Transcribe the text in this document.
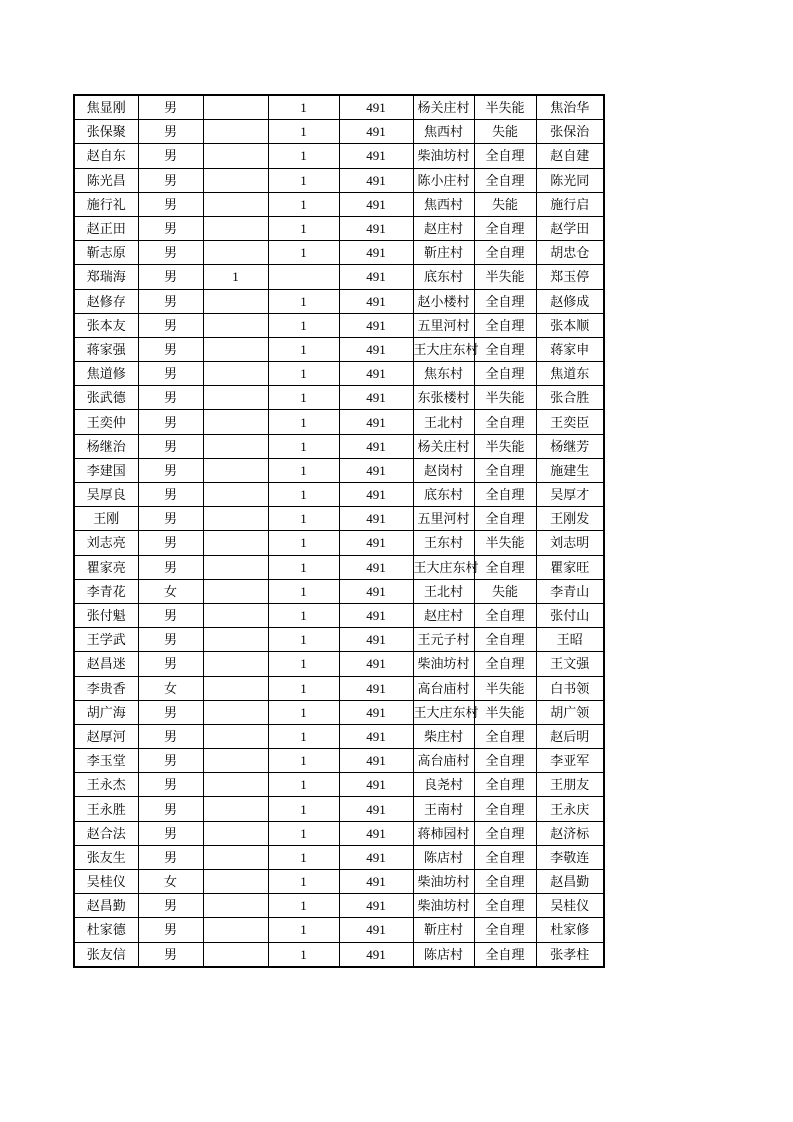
焦显刚	男		1	491	杨关庄村	半失能	焦治华
张保聚	男		1	491	焦西村	失能	张保治
赵自东	男		1	491	柴油坊村	全自理	赵自建
陈光昌	男		1	491	陈小庄村	全自理	陈光同
施行礼	男		1	491	焦西村	失能	施行启
赵正田	男		1	491	赵庄村	全自理	赵学田
靳志原	男		1	491	靳庄村	全自理	胡忠仓
郑瑞海	男	1		491	底东村	半失能	郑玉停
赵修存	男		1	491	赵小楼村	全自理	赵修成
张本友	男		1	491	五里河村	全自理	张本顺
蒋家强	男		1	491	王大庄东村	全自理	蒋家申
焦道修	男		1	491	焦东村	全自理	焦道东
张武德	男		1	491	东张楼村	半失能	张合胜
王奕仲	男		1	491	王北村	全自理	王奕臣
杨继治	男		1	491	杨关庄村	半失能	杨继芳
李建国	男		1	491	赵岗村	全自理	施建生
吴厚良	男		1	491	底东村	全自理	吴厚才
王刚	男		1	491	五里河村	全自理	王刚发
刘志亮	男		1	491	王东村	半失能	刘志明
瞿家亮	男		1	491	王大庄东村	全自理	瞿家旺
李青花	女		1	491	王北村	失能	李青山
张付魁	男		1	491	赵庄村	全自理	张付山
王学武	男		1	491	王元子村	全自理	王昭
赵昌迷	男		1	491	柴油坊村	全自理	王文强
李贵香	女		1	491	高台庙村	半失能	白书领
胡广海	男		1	491	王大庄东村	半失能	胡广领
赵厚河	男		1	491	柴庄村	全自理	赵后明
李玉堂	男		1	491	高台庙村	全自理	李亚军
王永杰	男		1	491	良尧村	全自理	王朋友
王永胜	男		1	491	王南村	全自理	王永庆
赵合法	男		1	491	蒋柿园村	全自理	赵济标
张友生	男		1	491	陈店村	全自理	李敬连
吴桂仪	女		1	491	柴油坊村	全自理	赵昌勤
赵昌勤	男		1	491	柴油坊村	全自理	吴桂仪
杜家德	男		1	491	靳庄村	全自理	杜家修
张友信	男		1	491	陈店村	全自理	张孝柱
